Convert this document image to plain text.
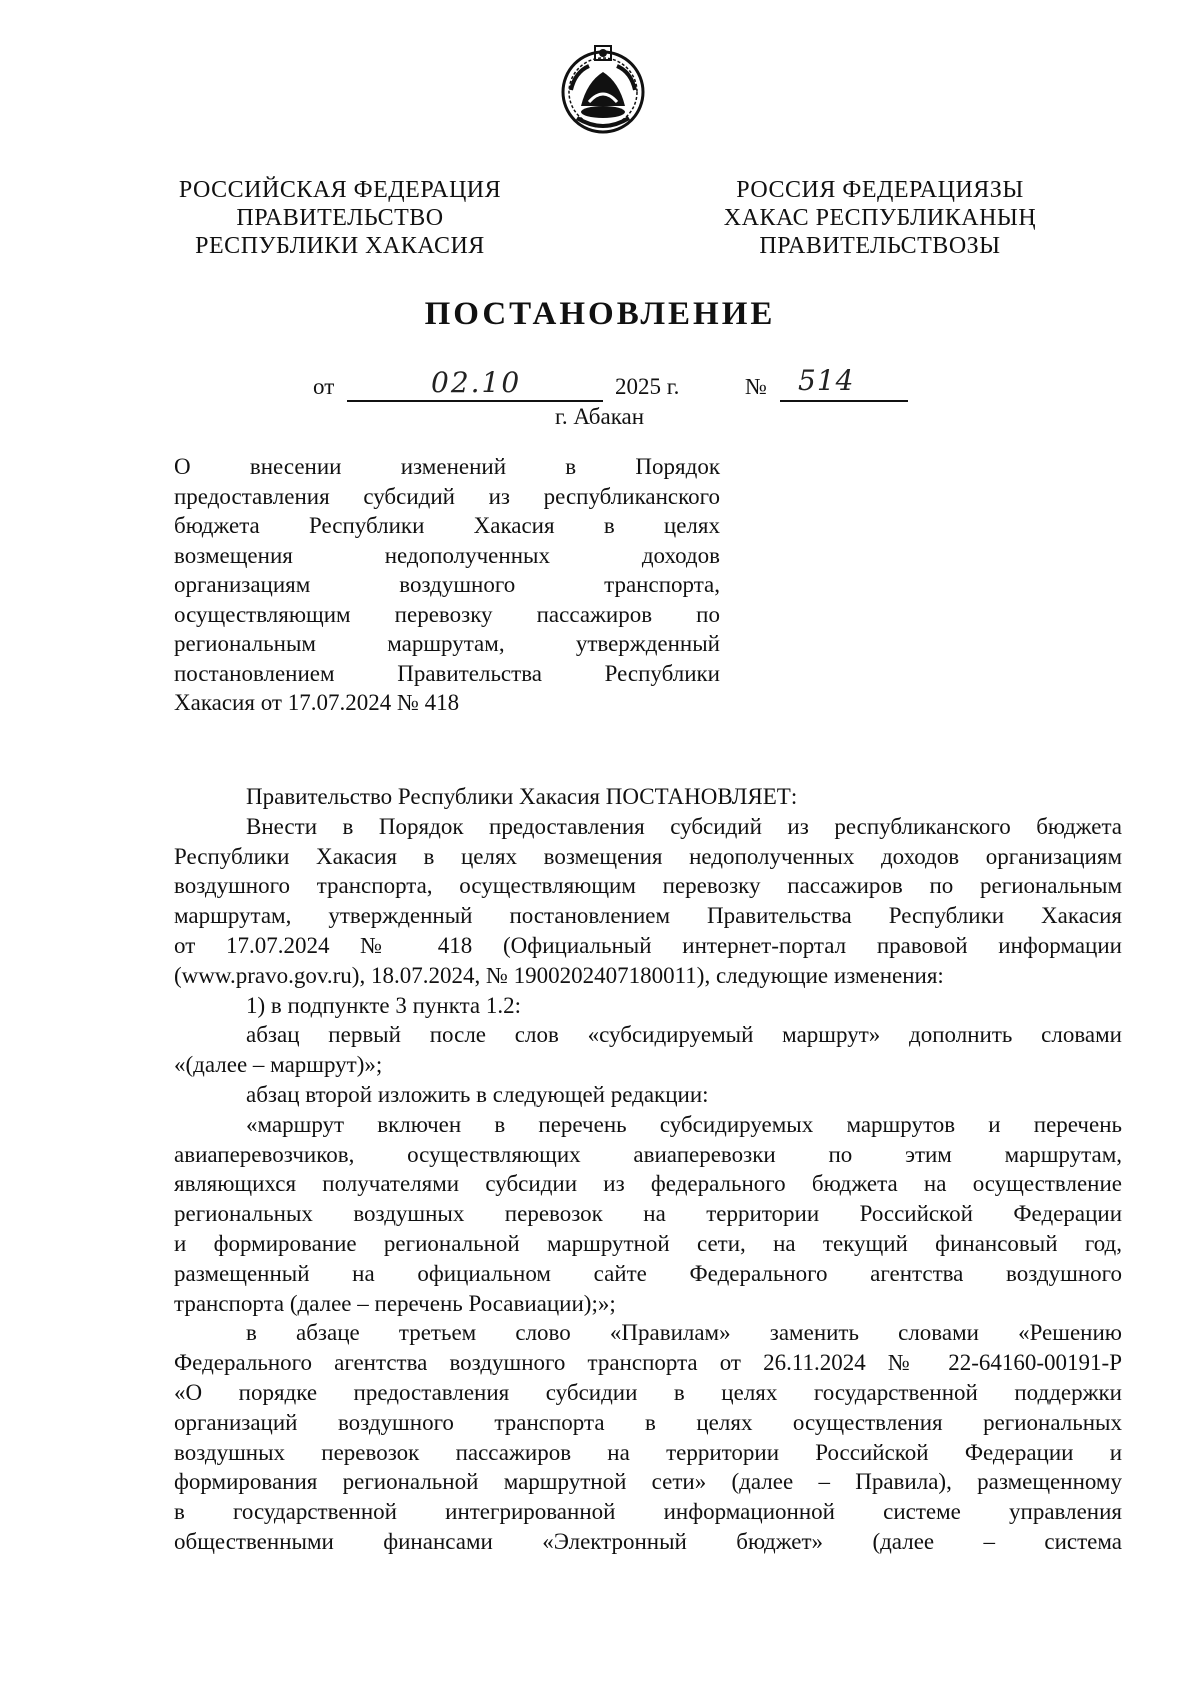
РОССИЙСКАЯ ФЕДЕРАЦИЯ
ПРАВИТЕЛЬСТВО
РЕСПУБЛИКИ ХАКАСИЯ
РОССИЯ ФЕДЕРАЦИЯЗЫ
ХАКАС РЕСПУБЛИКАНЫҢ
ПРАВИТЕЛЬСТВОЗЫ
ПОСТАНОВЛЕНИЕ
от	02.10	2025 г.	№ 514
г. Абакан
О внесении изменений в Порядок
предоставления субсидий из республиканского
бюджета Республики Хакасия в целях
возмещения недополученных доходов
организациям воздушного транспорта,
осуществляющим перевозку пассажиров по
региональным маршрутам, утвержденный
постановлением Правительства Республики
Хакасия от 17.07.2024 № 418
Правительство Республики Хакасия ПОСТАНОВЛЯЕТ:
Внести в Порядок предоставления субсидий из республиканского бюджета
Республики Хакасия в целях возмещения недополученных доходов организациям
воздушного транспорта, осуществляющим перевозку пассажиров по региональным
маршрутам, утвержденный постановлением Правительства Республики Хакасия
от 17.07.2024 № 418 (Официальный интернет-портал правовой информации
(www.pravo.gov.ru), 18.07.2024, № 1900202407180011), следующие изменения:
1) в подпункте 3 пункта 1.2:
абзац первый после слов «субсидируемый маршрут» дополнить словами
«(далее – маршрут)»;
абзац второй изложить в следующей редакции:
«маршрут включен в перечень субсидируемых маршрутов и перечень
авиаперевозчиков, осуществляющих авиаперевозки по этим маршрутам,
являющихся получателями субсидии из федерального бюджета на осуществление
региональных воздушных перевозок на территории Российской Федерации
и формирование региональной маршрутной сети, на текущий финансовый год,
размещенный на официальном сайте Федерального агентства воздушного
транспорта (далее – перечень Росавиации);»;
в абзаце третьем слово «Правилам» заменить словами «Решению
Федерального агентства воздушного транспорта от 26.11.2024 № 22-64160-00191-Р
«О порядке предоставления субсидии в целях государственной поддержки
организаций воздушного транспорта в целях осуществления региональных
воздушных перевозок пассажиров на территории Российской Федерации и
формирования региональной маршрутной сети» (далее – Правила), размещенному
в государственной интегрированной информационной системе управления
общественными финансами «Электронный бюджет» (далее – система
